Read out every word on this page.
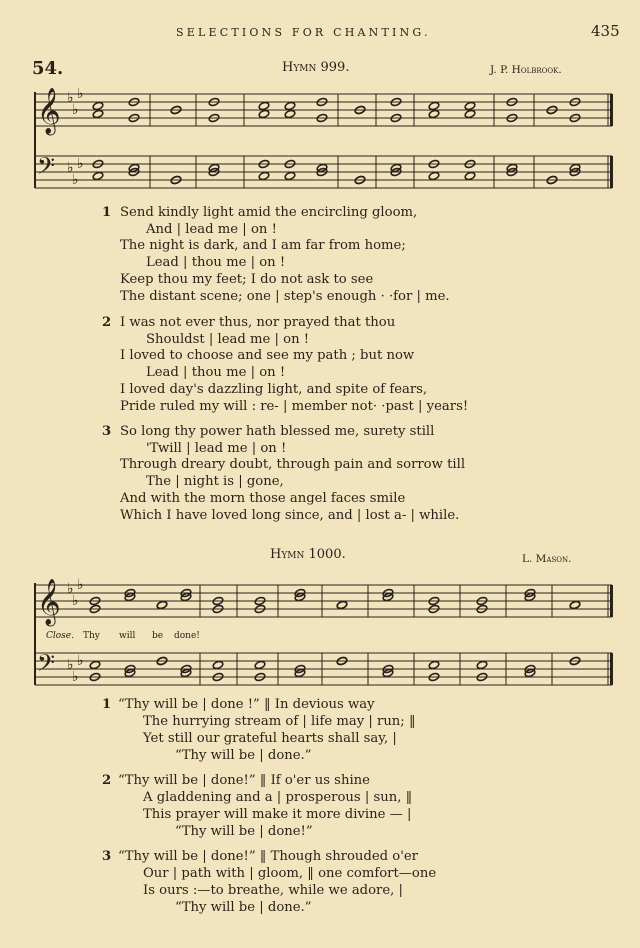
SELECTIONS FOR CHANTING.	435
54.	Hymn 999.	J. P. Holbrook.
𝄞 ♭
♭
♭
𝄢 ♭
♭
♭
Send kindly light amid the encircling gloom,
And | lead me | on !
The night is dark, and I am far from home;
Lead | thou me | on !
Keep thou my feet; I do not ask to see
The distant scene; one | step's enough · ·for | me.
1
I was not ever thus, nor prayed that thou
Shouldst | lead me | on !
I loved to choose and see my path ; but now
Lead | thou me | on !
I loved day's dazzling light, and spite of fears,
Pride ruled my will : re- | member not· ·past | years!
2
So long thy power hath blessed me, surety still
'Twill | lead me | on !
Through dreary doubt, through pain and sorrow till
The | night is | gone,
And with the morn those angel faces smile
Which I have loved long since, and | lost a- | while.
3
Hymn 1000.	L. Mason.
𝄞 ♭
♭
♭
𝄢 ♭
♭
♭
Close. Thy will be done!
“Thy will be | done !” ‖ In devious way
The hurrying stream of | life may | run; ‖
Yet still our grateful hearts shall say, |
“Thy will be | done.”
1
“Thy will be | done!” ‖ If o'er us shine
A gladdening and a | prosperous | sun, ‖
This prayer will make it more divine — |
“Thy will be | done!”
2
“Thy will be | done!” ‖ Though shrouded o'er
Our | path with | gloom, ‖ one comfort—one
Is ours :—to breathe, while we adore, |
“Thy will be | done.”
3
